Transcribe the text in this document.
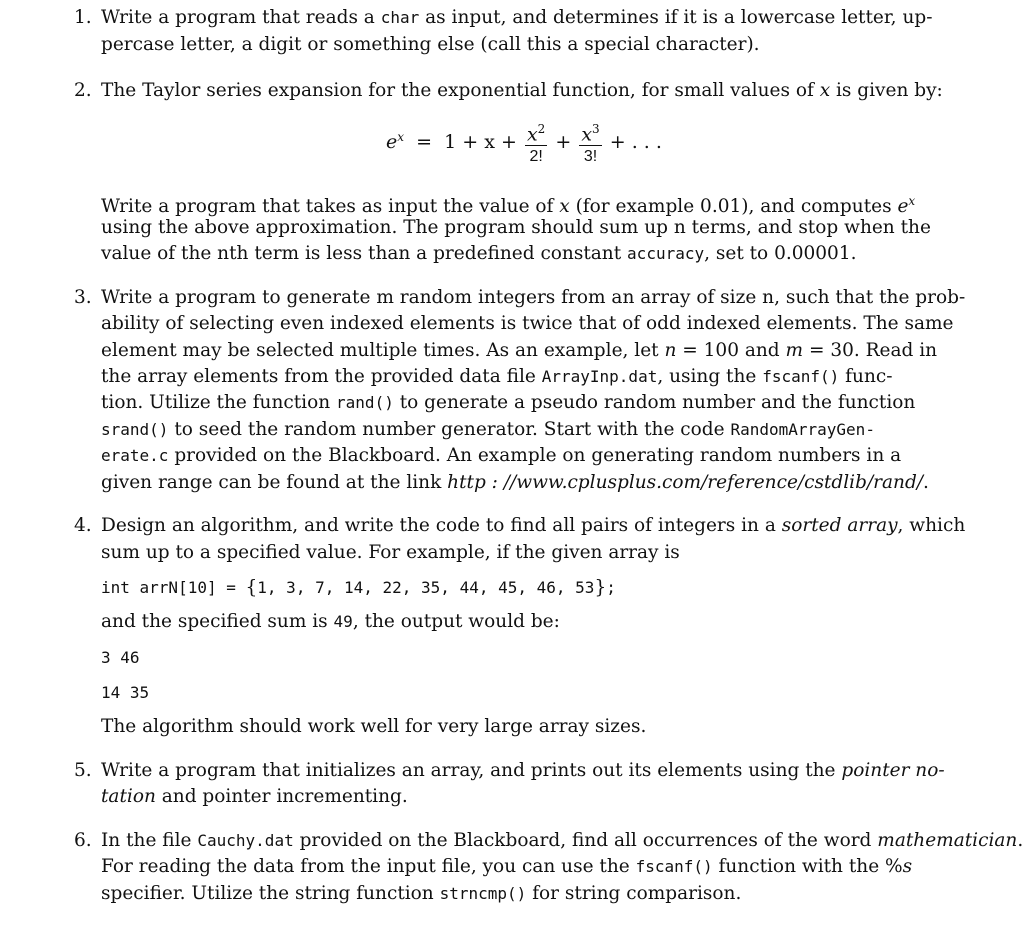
1. Write a program that reads a char as input, and determines if it is a lowercase letter, up-
percase letter, a digit or something else (call this a special character).
2. The Taylor series expansion for the exponential function, for small values of x is given by:
$e^x = 1 + x + \frac{x^2}{2!} + \frac{x^3}{3!}$ + . . .
Write a program that takes as input the value of x (for example 0.01), and computes $e^x$
using the above approximation. The program should sum up n terms, and stop when the
value of the nth term is less than a predefined constant accuracy, set to 0.00001.
3. Write a program to generate m random integers from an array of size n, such that the prob-
ability of selecting even indexed elements is twice that of odd indexed elements. The same
element may be selected multiple times. As an example, let n = 100 and m = 30. Read in
the array elements from the provided data file ArrayInp.dat, using the fscanf() func-
tion. Utilize the function rand() to generate a pseudo random number and the function
srand() to seed the random number generator. Start with the code RandomArrayGen-
erate.c provided on the Blackboard. An example on generating random numbers in a
given range can be found at the link http : //www.cplusplus.com/reference/cstdlib/rand/.
4. Design an algorithm, and write the code to find all pairs of integers in a sorted array, which
sum up to a specified value. For example, if the given array is
int arrN[10] = {1, 3, 7, 14, 22, 35, 44, 45, 46, 53};
and the specified sum is 49, the output would be:
3 46
14 35
The algorithm should work well for very large array sizes.
5. Write a program that initializes an array, and prints out its elements using the pointer no-
tation and pointer incrementing.
6. In the file Cauchy.dat provided on the Blackboard, find all occurrences of the word mathematician.
For reading the data from the input file, you can use the fscanf() function with the %s
specifier. Utilize the string function strncmp() for string comparison.
